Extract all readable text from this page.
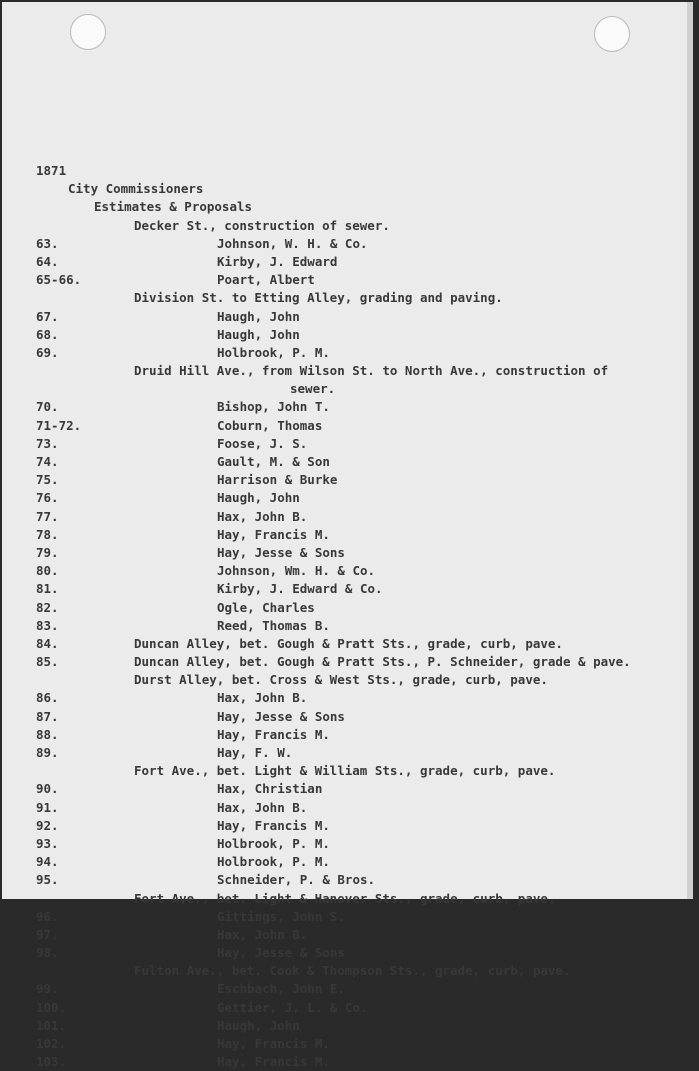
1871
City Commissioners
Estimates & Proposals
Decker St., construction of sewer.
63.	Johnson, W. H. & Co.
64.	Kirby, J. Edward
65-66.	Poart, Albert
Division St. to Etting Alley, grading and paving.
67.	Haugh, John
68.	Haugh, John
69.	Holbrook, P. M.
Druid Hill Ave., from Wilson St. to North Ave., construction of
sewer.
70.	Bishop, John T.
71-72.	Coburn, Thomas
73.	Foose, J. S.
74.	Gault, M. & Son
75.	Harrison & Burke
76.	Haugh, John
77.	Hax, John B.
78.	Hay, Francis M.
79.	Hay, Jesse & Sons
80.	Johnson, Wm. H. & Co.
81.	Kirby, J. Edward & Co.
82.	Ogle, Charles
83.	Reed, Thomas B.
84.	Duncan Alley, bet. Gough & Pratt Sts., grade, curb, pave.
85.	Duncan Alley, bet. Gough & Pratt Sts., P. Schneider, grade & pave.
Durst Alley, bet. Cross & West Sts., grade, curb, pave.
86.	Hax, John B.
87.	Hay, Jesse & Sons
88.	Hay, Francis M.
89.	Hay, F. W.
Fort Ave., bet. Light & William Sts., grade, curb, pave.
90.	Hax, Christian
91.	Hax, John B.
92.	Hay, Francis M.
93.	Holbrook, P. M.
94.	Holbrook, P. M.
95.	Schneider, P. & Bros.
Fort Ave., bet. Light & Hanover Sts., grade, curb, pave.
96.	Gittings, John S.
97.	Hax, John B.
98.	Hay, Jesse & Sons
Fulton Ave., bet. Cook & Thompson Sts., grade, curb, pave.
99.	Eschbach, John E.
100.	Gettier, J. L. & Co.
101.	Haugh, John
102.	Hay, Francis M.
103.	Hay, Francis M.
